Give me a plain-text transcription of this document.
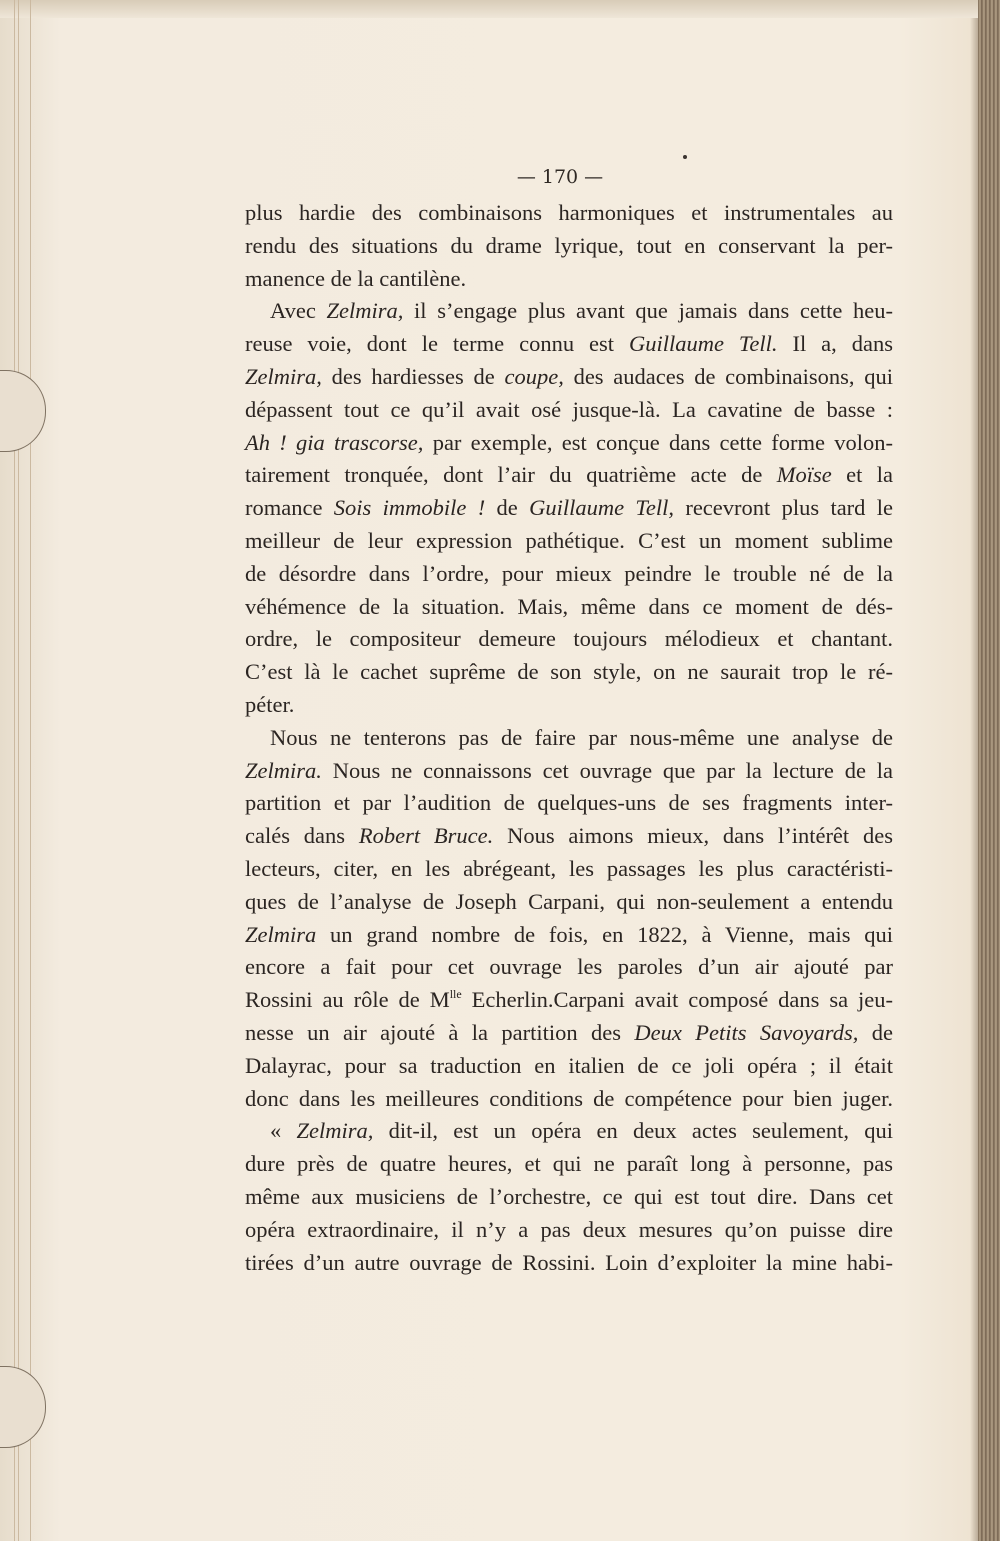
— 170 —
plus hardie des combinaisons harmoniques et instrumentales au
rendu des situations du drame lyrique, tout en conservant la per-
manence de la cantilène.
Avec Zelmira, il s’engage plus avant que jamais dans cette heu-
reuse voie, dont le terme connu est Guillaume Tell. Il a, dans
Zelmira, des hardiesses de coupe, des audaces de combinaisons, qui
dépassent tout ce qu’il avait osé jusque-là. La cavatine de basse :
Ah ! gia trascorse, par exemple, est conçue dans cette forme volon-
tairement tronquée, dont l’air du quatrième acte de Moïse et la
romance Sois immobile ! de Guillaume Tell, recevront plus tard le
meilleur de leur expression pathétique. C’est un moment sublime
de désordre dans l’ordre, pour mieux peindre le trouble né de la
véhémence de la situation. Mais, même dans ce moment de dés-
ordre, le compositeur demeure toujours mélodieux et chantant.
C’est là le cachet suprême de son style, on ne saurait trop le ré-
péter.
Nous ne tenterons pas de faire par nous-même une analyse de
Zelmira. Nous ne connaissons cet ouvrage que par la lecture de la
partition et par l’audition de quelques-uns de ses fragments inter-
calés dans Robert Bruce. Nous aimons mieux, dans l’intérêt des
lecteurs, citer, en les abrégeant, les passages les plus caractéristi-
ques de l’analyse de Joseph Carpani, qui non-seulement a entendu
Zelmira un grand nombre de fois, en 1822, à Vienne, mais qui
encore a fait pour cet ouvrage les paroles d’un air ajouté par
Rossini au rôle de $M^{lle}$ Echerlin.Carpani avait composé dans sa jeu-
nesse un air ajouté à la partition des Deux Petits Savoyards, de
Dalayrac, pour sa traduction en italien de ce joli opéra ; il était
donc dans les meilleures conditions de compétence pour bien juger.
« Zelmira, dit-il, est un opéra en deux actes seulement, qui
dure près de quatre heures, et qui ne paraît long à personne, pas
même aux musiciens de l’orchestre, ce qui est tout dire. Dans cet
opéra extraordinaire, il n’y a pas deux mesures qu’on puisse dire
tirées d’un autre ouvrage de Rossini. Loin d’exploiter la mine habi-
